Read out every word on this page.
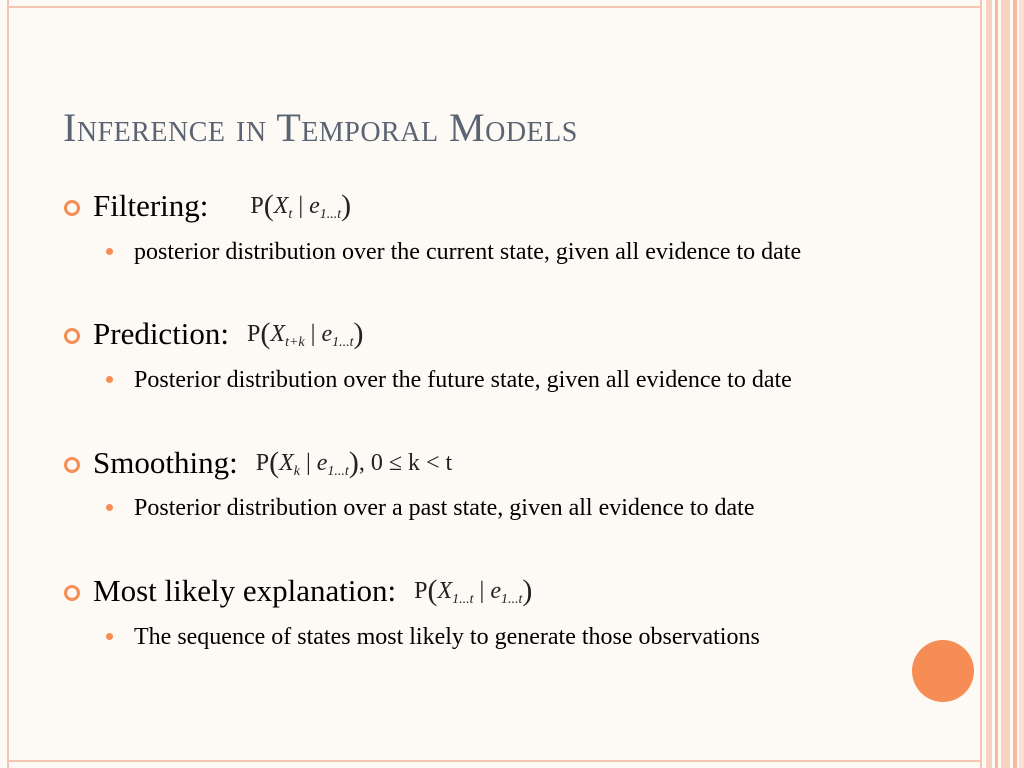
Inference in Temporal Models
Filtering: $P(X_t$ | $e_{1...t}$)
posterior distribution over the current state, given all evidence to date
Prediction: $P(X_{t+k}$ | $e_{1...t}$)
Posterior distribution over the future state, given all evidence to date
Smoothing: $P(X_k$ | $e_{1...t}$), 0 ≤ k < t
Posterior distribution over a past state, given all evidence to date
Most likely explanation: $P(X_{1...t}$ | $e_{1...t}$)
The sequence of states most likely to generate those observations
